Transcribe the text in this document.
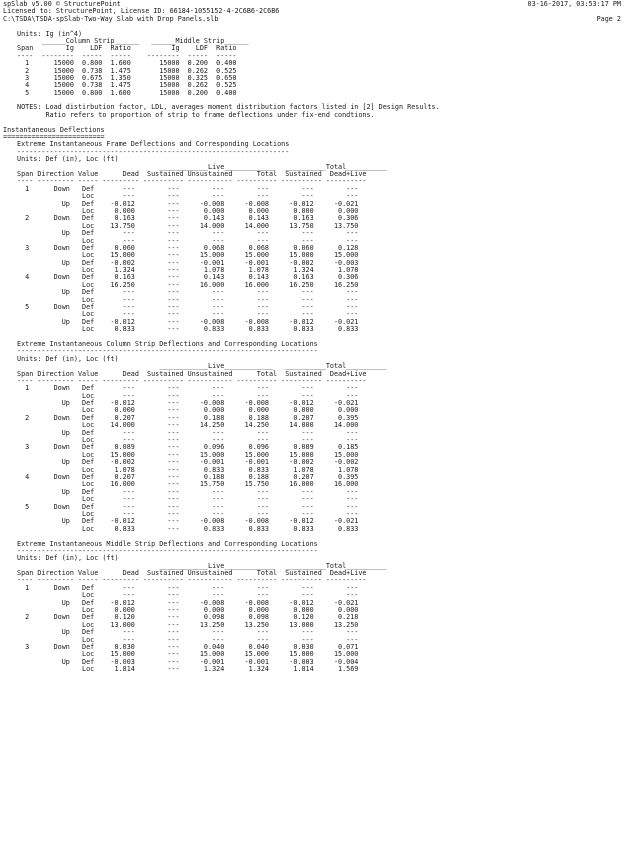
spSlab v5.00 © StructurePoint	03-16-2017, 03:53:17 PM
Licensed to: StructurePoint, License ID: 66184-1055152-4-2C6B6-2C6B6
C:\TSDA\TSDA-spSlab-Two-Way Slab with Drop Panels.slb	Page 2
Units: Ig (in^4)
______Column Strip______   ______Middle Strip______
Span        Ig    LDF  Ratio          Ig    LDF  Ratio
----  --------  -----  -----    --------  -----  -----
1      15000  0.800  1.600       15000  0.200  0.400
2      15000  0.738  1.475       15000  0.262  0.525
3      15000  0.675  1.350       15000  0.325  0.650
4      15000  0.738  1.475       15000  0.262  0.525
5      15000  0.800  1.600       15000  0.200  0.400
NOTES: Load distirbution factor, LDL, averages moment distribution factors listed in [2] Design Results.
Ratio refers to proportion of strip to frame deflections under fix-end condtions.
Instantaneous Deflections
=========================
Extreme Instantaneous Frame Deflections and Corresponding Locations
-------------------------------------------------------------------
Units: Def (in), Loc (ft)
____________Live____________   __________Total__________
Span Direction Value      Dead  Sustained Unsustained      Total  Sustained  Dead+Live
---- --------- ----- --------- ---------- ----------- ---------- ---------- ----------
1      Down   Def       ---        ---        ---        ---        ---        ---
Loc       ---        ---        ---        ---        ---        ---
Up   Def    -0.012        ---     -0.008     -0.008     -0.012     -0.021
Loc     0.000        ---      0.000      0.000      0.000      0.000
2      Down   Def     0.163        ---      0.143      0.143      0.163      0.306
Loc    13.750        ---     14.000     14.000     13.750     13.750
Up   Def       ---        ---        ---        ---        ---        ---
Loc       ---        ---        ---        ---        ---        ---
3      Down   Def     0.060        ---      0.068      0.068      0.060      0.128
Loc    15.000        ---     15.000     15.000     15.000     15.000
Up   Def    -0.002        ---     -0.001     -0.001     -0.002     -0.003
Loc     1.324        ---      1.078      1.078      1.324      1.078
4      Down   Def     0.163        ---      0.143      0.143      0.163      0.306
Loc    16.250        ---     16.000     16.000     16.250     16.250
Up   Def       ---        ---        ---        ---        ---        ---
Loc       ---        ---        ---        ---        ---        ---
5      Down   Def       ---        ---        ---        ---        ---        ---
Loc       ---        ---        ---        ---        ---        ---
Up   Def    -0.012        ---     -0.008     -0.008     -0.012     -0.021
Loc     0.833        ---      0.833      0.833      0.833      0.833
Extreme Instantaneous Column Strip Deflections and Corresponding Locations
--------------------------------------------------------------------------
Units: Def (in), Loc (ft)
____________Live____________   __________Total__________
Span Direction Value      Dead  Sustained Unsustained      Total  Sustained  Dead+Live
---- --------- ----- --------- ---------- ----------- ---------- ---------- ----------
1      Down   Def       ---        ---        ---        ---        ---        ---
Loc       ---        ---        ---        ---        ---        ---
Up   Def    -0.012        ---     -0.008     -0.008     -0.012     -0.021
Loc     0.000        ---      0.000      0.000      0.000      0.000
2      Down   Def     0.207        ---      0.188      0.188      0.207      0.395
Loc    14.000        ---     14.250     14.250     14.000     14.000
Up   Def       ---        ---        ---        ---        ---        ---
Loc       ---        ---        ---        ---        ---        ---
3      Down   Def     0.089        ---      0.096      0.096      0.089      0.185
Loc    15.000        ---     15.000     15.000     15.000     15.000
Up   Def    -0.002        ---     -0.001     -0.001     -0.002     -0.002
Loc     1.078        ---      0.833      0.833      1.078      1.078
4      Down   Def     0.207        ---      0.188      0.188      0.207      0.395
Loc    16.000        ---     15.750     15.750     16.000     16.000
Up   Def       ---        ---        ---        ---        ---        ---
Loc       ---        ---        ---        ---        ---        ---
5      Down   Def       ---        ---        ---        ---        ---        ---
Loc       ---        ---        ---        ---        ---        ---
Up   Def    -0.012        ---     -0.008     -0.008     -0.012     -0.021
Loc     0.833        ---      0.833      0.833      0.833      0.833
Extreme Instantaneous Middle Strip Deflections and Corresponding Locations
--------------------------------------------------------------------------
Units: Def (in), Loc (ft)
____________Live____________   __________Total__________
Span Direction Value      Dead  Sustained Unsustained      Total  Sustained  Dead+Live
---- --------- ----- --------- ---------- ----------- ---------- ---------- ----------
1      Down   Def       ---        ---        ---        ---        ---        ---
Loc       ---        ---        ---        ---        ---        ---
Up   Def    -0.012        ---     -0.008     -0.008     -0.012     -0.021
Loc     0.000        ---      0.000      0.000      0.000      0.000
2      Down   Def     0.120        ---      0.098      0.098      0.120      0.218
Loc    13.000        ---     13.250     13.250     13.000     13.250
Up   Def       ---        ---        ---        ---        ---        ---
Loc       ---        ---        ---        ---        ---        ---
3      Down   Def     0.030        ---      0.040      0.040      0.030      0.071
Loc    15.000        ---     15.000     15.000     15.000     15.000
Up   Def    -0.003        ---     -0.001     -0.001     -0.003     -0.004
Loc     1.814        ---      1.324      1.324      1.814      1.569
